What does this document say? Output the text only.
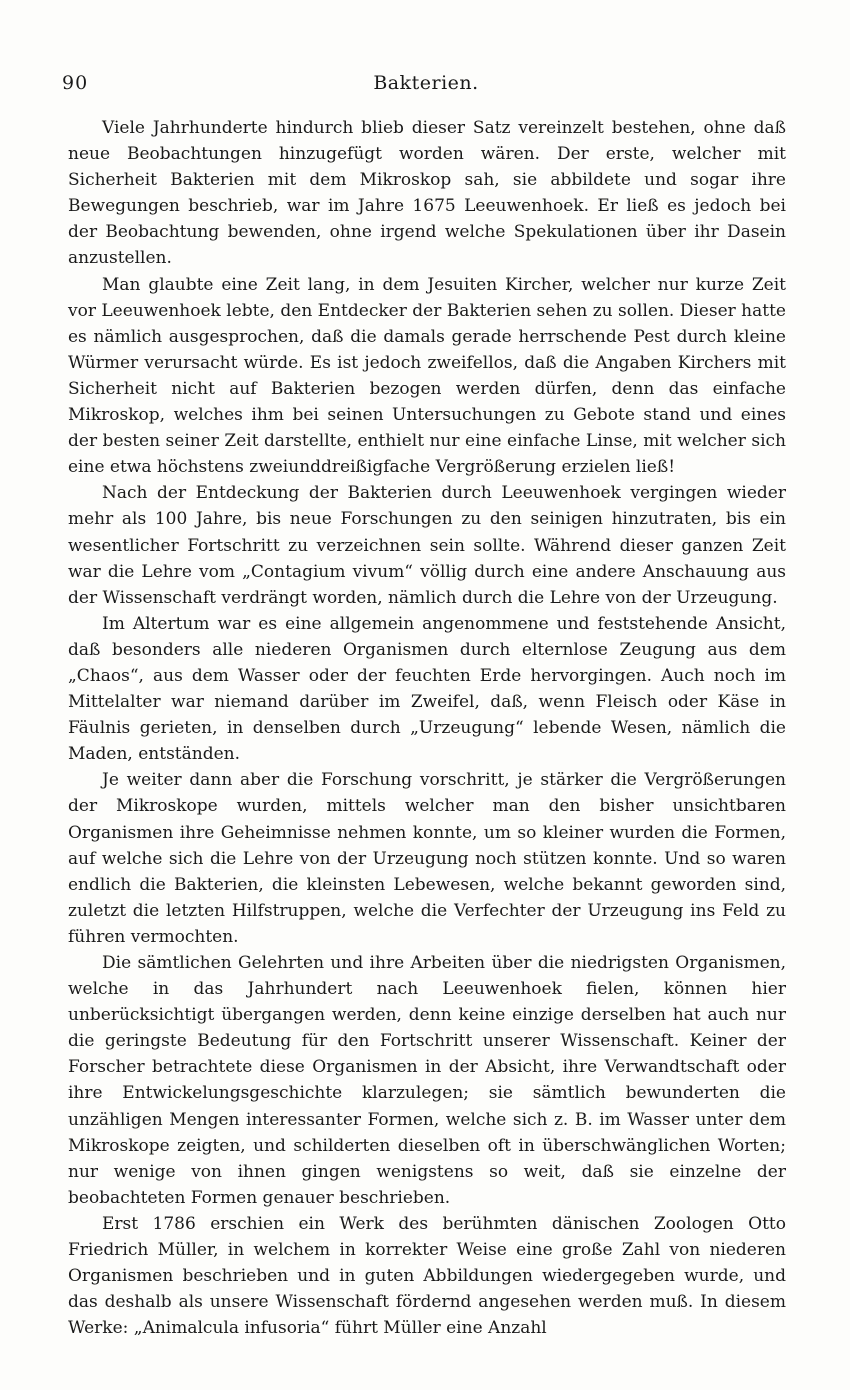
90	Bakterien.

Viele Jahrhunderte hindurch blieb dieser Satz vereinzelt bestehen, ohne daß neue Beobachtungen hinzugefügt worden wären. Der erste, welcher mit Sicherheit Bakterien mit dem Mikroskop sah, sie abbildete und sogar ihre Bewegungen beschrieb, war im Jahre 1675 Leeuwenhoek. Er ließ es jedoch bei der Beobachtung bewenden, ohne irgend welche Spekulationen über ihr Dasein anzustellen.

Man glaubte eine Zeit lang, in dem Jesuiten Kircher, welcher nur kurze Zeit vor Leeuwenhoek lebte, den Entdecker der Bakterien sehen zu sollen. Dieser hatte es nämlich ausgesprochen, daß die damals gerade herrschende Pest durch kleine Würmer verursacht würde. Es ist jedoch zweifellos, daß die Angaben Kirchers mit Sicherheit nicht auf Bakterien bezogen werden dürfen, denn das einfache Mikroskop, welches ihm bei seinen Untersuchungen zu Gebote stand und eines der besten seiner Zeit darstellte, enthielt nur eine einfache Linse, mit welcher sich eine etwa höchstens zweiunddreißigfache Vergrößerung erzielen ließ!

Nach der Entdeckung der Bakterien durch Leeuwenhoek vergingen wieder mehr als 100 Jahre, bis neue Forschungen zu den seinigen hinzutraten, bis ein wesentlicher Fortschritt zu verzeichnen sein sollte. Während dieser ganzen Zeit war die Lehre vom „Contagium vivum“ völlig durch eine andere Anschauung aus der Wissenschaft verdrängt worden, nämlich durch die Lehre von der Urzeugung.

Im Altertum war es eine allgemein angenommene und feststehende Ansicht, daß besonders alle niederen Organismen durch elternlose Zeugung aus dem „Chaos“, aus dem Wasser oder der feuchten Erde hervorgingen. Auch noch im Mittelalter war niemand darüber im Zweifel, daß, wenn Fleisch oder Käse in Fäulnis gerieten, in denselben durch „Urzeugung“ lebende Wesen, nämlich die Maden, entständen.

Je weiter dann aber die Forschung vorschritt, je stärker die Vergrößerungen der Mikroskope wurden, mittels welcher man den bisher unsichtbaren Organismen ihre Geheimnisse nehmen konnte, um so kleiner wurden die Formen, auf welche sich die Lehre von der Urzeugung noch stützen konnte. Und so waren endlich die Bakterien, die kleinsten Lebewesen, welche bekannt geworden sind, zuletzt die letzten Hilfstruppen, welche die Verfechter der Urzeugung ins Feld zu führen vermochten.

Die sämtlichen Gelehrten und ihre Arbeiten über die niedrigsten Organismen, welche in das Jahrhundert nach Leeuwenhoek fielen, können hier unberücksichtigt übergangen werden, denn keine einzige derselben hat auch nur die geringste Bedeutung für den Fortschritt unserer Wissenschaft. Keiner der Forscher betrachtete diese Organismen in der Absicht, ihre Verwandtschaft oder ihre Entwickelungsgeschichte klarzulegen; sie sämtlich bewunderten die unzähligen Mengen interessanter Formen, welche sich z. B. im Wasser unter dem Mikroskope zeigten, und schilderten dieselben oft in überschwänglichen Worten; nur wenige von ihnen gingen wenigstens so weit, daß sie einzelne der beobachteten Formen genauer beschrieben.

Erst 1786 erschien ein Werk des berühmten dänischen Zoologen Otto Friedrich Müller, in welchem in korrekter Weise eine große Zahl von niederen Organismen beschrieben und in guten Abbildungen wiedergegeben wurde, und das deshalb als unsere Wissenschaft fördernd angesehen werden muß. In diesem Werke: „Animalcula infusoria“ führt Müller eine Anzahl
